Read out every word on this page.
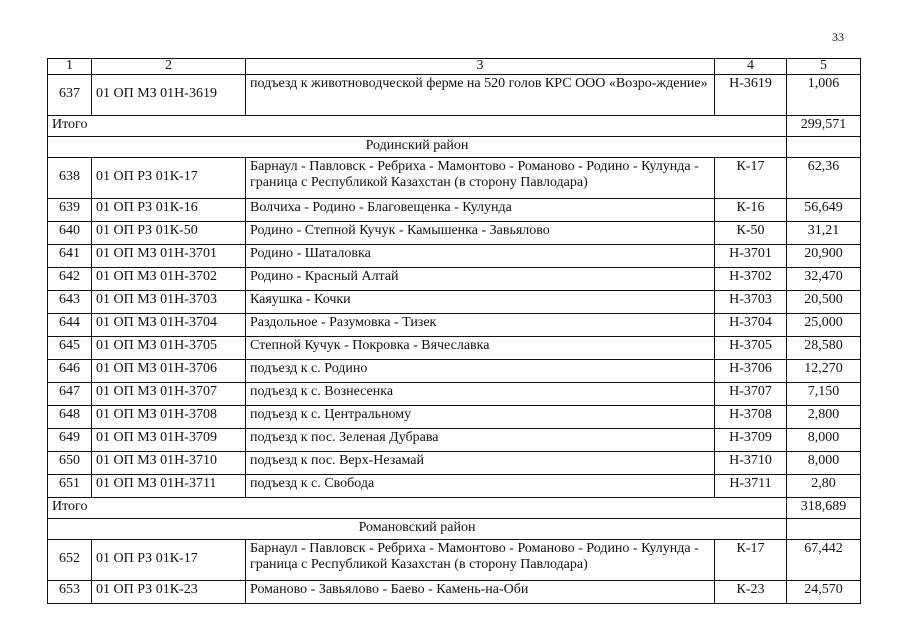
33
1	2	3	4	5
637	01 ОП МЗ 01Н-3619	подъезд к животноводческой ферме на 520 голов КРС ООО «Возро-ждение»	Н-3619	1,006
Итого				299,571
Родинский район				
638	01 ОП РЗ 01К-17	Барнаул - Павловск - Ребриха - Мамонтово - Романово - Родино - Кулунда - граница с Республикой Казахстан (в сторону Павлодара)	К-17	62,36
639	01 ОП РЗ 01К-16	Волчиха - Родино - Благовещенка - Кулунда	К-16	56,649
640	01 ОП РЗ 01К-50	Родино - Степной Кучук - Камышенка - Завьялово	К-50	31,21
641	01 ОП МЗ 01Н-3701	Родино - Шаталовка	Н-3701	20,900
642	01 ОП МЗ 01Н-3702	Родино - Красный Алтай	Н-3702	32,470
643	01 ОП МЗ 01Н-3703	Каяушка - Кочки	Н-3703	20,500
644	01 ОП МЗ 01Н-3704	Раздольное - Разумовка - Тизек	Н-3704	25,000
645	01 ОП МЗ 01Н-3705	Степной Кучук - Покровка - Вячеславка	Н-3705	28,580
646	01 ОП МЗ 01Н-3706	подъезд к с. Родино	Н-3706	12,270
647	01 ОП МЗ 01Н-3707	подъезд к с. Вознесенка	Н-3707	7,150
648	01 ОП МЗ 01Н-3708	подъезд к с. Центральному	Н-3708	2,800
649	01 ОП МЗ 01Н-3709	подъезд к пос. Зеленая Дубрава	Н-3709	8,000
650	01 ОП МЗ 01Н-3710	подъезд к пос. Верх-Незамай	Н-3710	8,000
651	01 ОП МЗ 01Н-3711	подъезд к с. Свобода	Н-3711	2,80
Итого				318,689
Романовский район				
652	01 ОП РЗ 01К-17	Барнаул - Павловск - Ребриха - Мамонтово - Романово - Родино - Кулунда - граница с Республикой Казахстан (в сторону Павлодара)	К-17	67,442
653	01 ОП РЗ 01К-23	Романово - Завьялово - Баево - Камень-на-Оби	К-23	24,570
